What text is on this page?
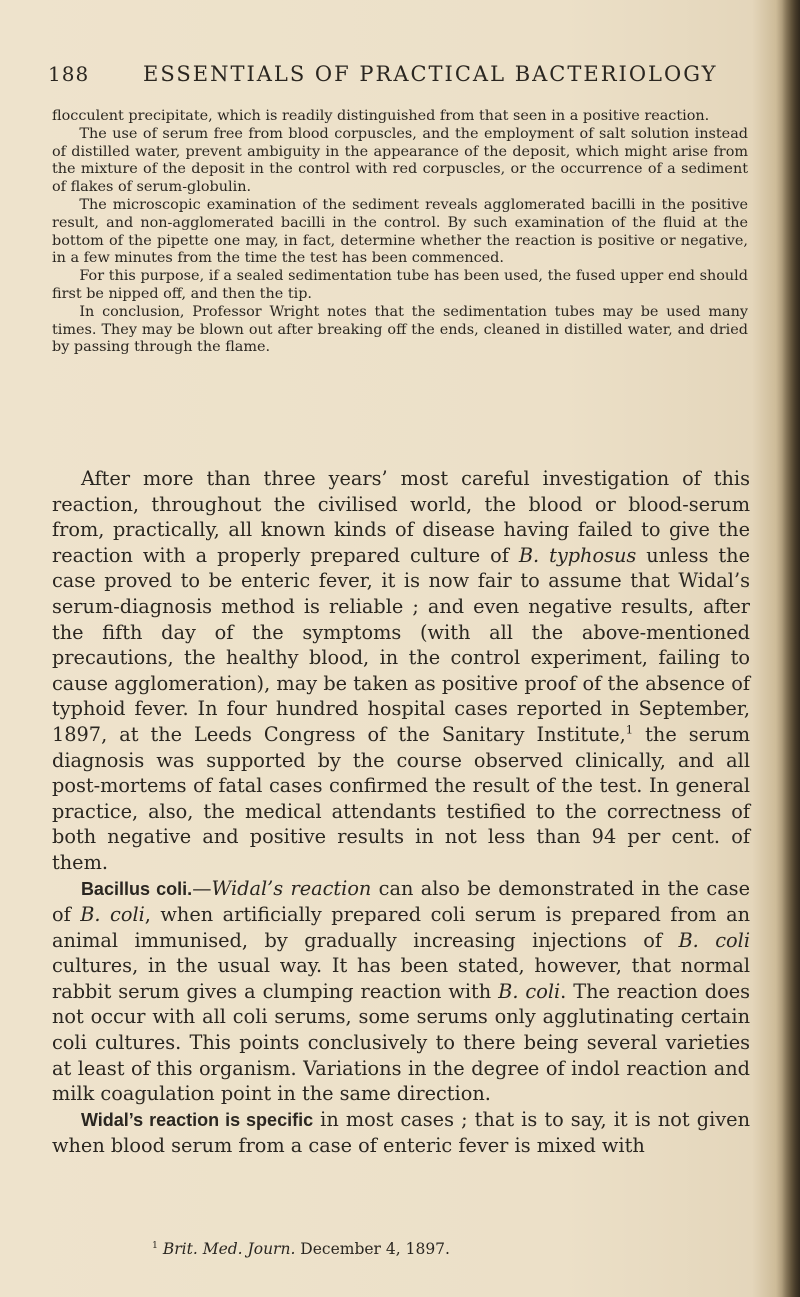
188	ESSENTIALS OF PRACTICAL BACTERIOLOGY

flocculent precipitate, which is readily distinguished from that seen in a positive reaction.

The use of serum free from blood corpuscles, and the employment of salt solution instead of distilled water, prevent ambiguity in the appearance of the deposit, which might arise from the mixture of the deposit in the control with red corpuscles, or the occurrence of a sediment of flakes of serum-globulin.

The microscopic examination of the sediment reveals agglomerated bacilli in the positive result, and non-agglomerated bacilli in the control. By such examination of the fluid at the bottom of the pipette one may, in fact, determine whether the reaction is positive or negative, in a few minutes from the time the test has been commenced.

For this purpose, if a sealed sedimentation tube has been used, the fused upper end should first be nipped off, and then the tip.

In conclusion, Professor Wright notes that the sedimentation tubes may be used many times. They may be blown out after breaking off the ends, cleaned in distilled water, and dried by passing through the flame.

After more than three years’ most careful investigation of this reaction, throughout the civilised world, the blood or blood-serum from, practically, all known kinds of disease having failed to give the reaction with a properly prepared culture of B. typhosus unless the case proved to be enteric fever, it is now fair to assume that Widal’s serum-diagnosis method is reliable ; and even negative results, after the fifth day of the symptoms (with all the above-mentioned precautions, the healthy blood, in the control experiment, failing to cause agglomeration), may be taken as positive proof of the absence of typhoid fever. In four hundred hospital cases reported in September, 1897, at the Leeds Congress of the Sanitary Institute,$^1$ the serum diagnosis was supported by the course observed clinically, and all post-mortems of fatal cases confirmed the result of the test. In general practice, also, the medical attendants testified to the correctness of both negative and positive results in not less than 94 per cent. of them.

Bacillus coli.—Widal’s reaction can also be demonstrated in the case of B. coli, when artificially prepared coli serum is prepared from an animal immunised, by gradually increasing injections of B. coli cultures, in the usual way. It has been stated, however, that normal rabbit serum gives a clumping reaction with B. coli. The reaction does not occur with all coli serums, some serums only agglutinating certain coli cultures. This points conclusively to there being several varieties at least of this organism. Variations in the degree of indol reaction and milk coagulation point in the same direction.

Widal’s reaction is specific in most cases ; that is to say, it is not given when blood serum from a case of enteric fever is mixed with

$^1$ Brit. Med. Journ. December 4, 1897.
